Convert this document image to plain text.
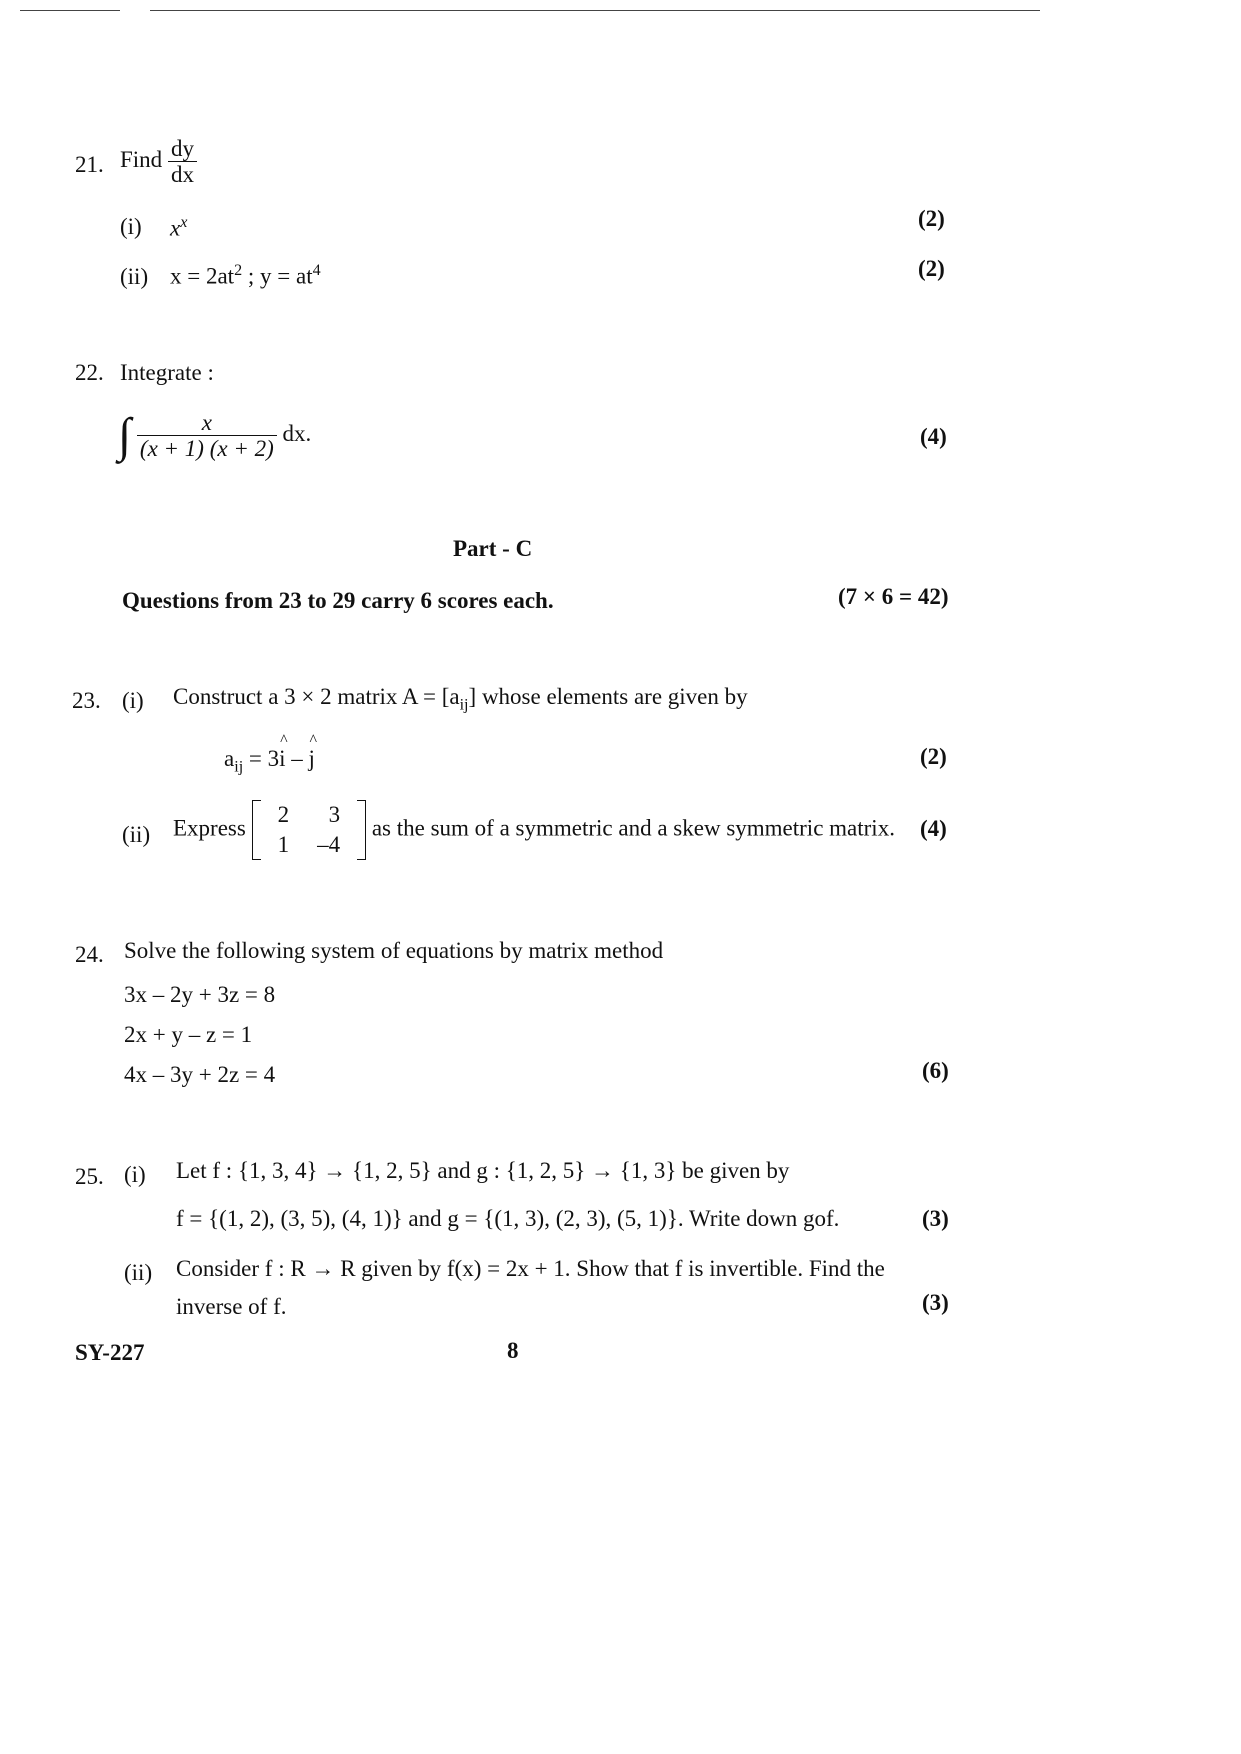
21. Find $\frac{dy}{dx}$
(i) $x^x$	(2)
(ii) $x = 2at^2$ ; $y = at^4$	(2)
22. Integrate :
∫ $\frac{x}{(x + 1) (x + 2)}$ dx.	(4)
Part - C
Questions from 23 to 29 carry 6 scores each.	(7 × 6 = 42)
23. (i) Construct a 3 × 2 matrix $A = [a_{ij}]$ whose elements are given by
$a_{ij}$ = 3^ i – ^ j	(2)
(ii) Express
2	3
1	–4
as the sum of a symmetric and a skew symmetric matrix. (4)
24. Solve the following system of equations by matrix method
3x – 2y + 3z = 8
2x + y – z = 1
4x – 3y + 2z = 4	(6)
25. (i) Let f : {1, 3, 4} → {1, 2, 5} and g : {1, 2, 5} → {1, 3} be given by
f = {(1, 2), (3, 5), (4, 1)} and g = {(1, 3), (2, 3), (5, 1)}. Write down gof.	(3)
(ii) Consider f : R → R given by f(x) = 2x + 1. Show that f is invertible. Find the
inverse of f.	(3)
SY-227	8
